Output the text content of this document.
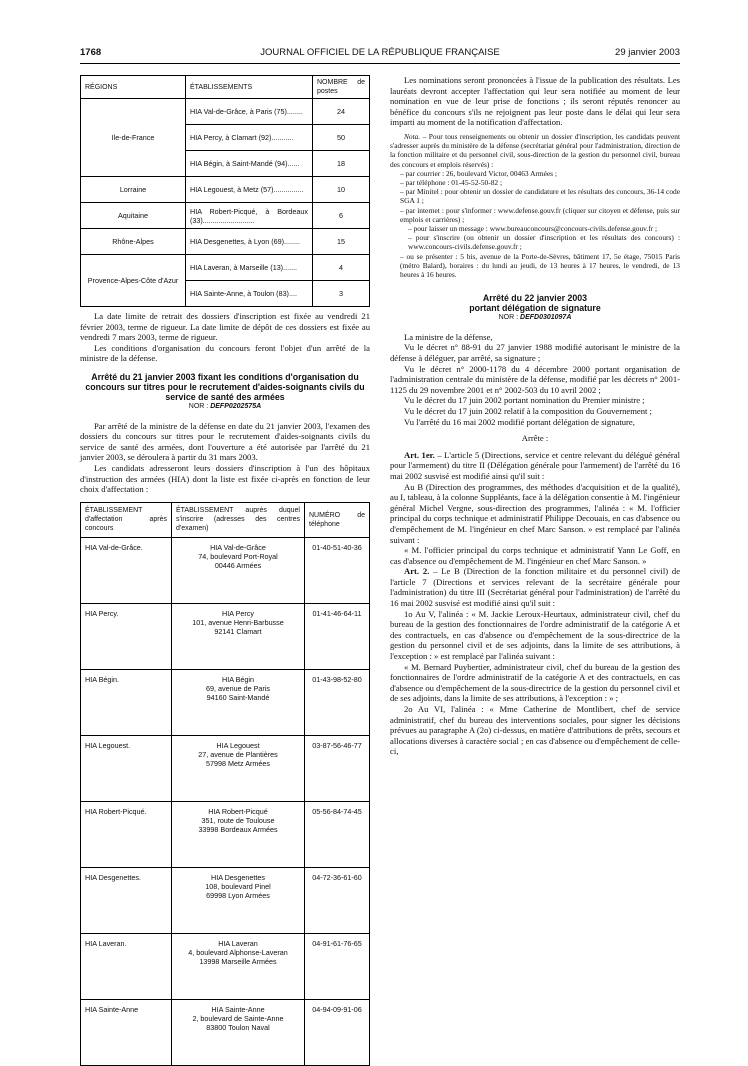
1768	JOURNAL OFFICIEL DE LA RÉPUBLIQUE FRANÇAISE	29 janvier 2003
RÉGIONS	ÉTABLISSEMENTS	NOMBRE de postes
Ile-de-France	HIA Val-de-Grâce, à Paris (75)........	24
	HIA Percy, à Clamart (92)...........	50
	HIA Bégin, à Saint-Mandé (94)......	18
Lorraine	HIA Legouest, à Metz (57)...............	10
Aquitaine	HIA Robert-Picqué, à Bordeaux (33)..........................	6
Rhône-Alpes	HIA Desgenettes, à Lyon (69)........	15
Provence-Alpes-Côte d'Azur	HIA Laveran, à Marseille (13).......	4
	HIA Sainte-Anne, à Toulon (83)....	3

La date limite de retrait des dossiers d'inscription est fixée au vendredi 21 février 2003, terme de rigueur. La date limite de dépôt de ces dossiers est fixée au vendredi 7 mars 2003, terme de rigueur.

Les conditions d'organisation du concours feront l'objet d'un arrêté de la ministre de la défense.

Arrêté du 21 janvier 2003 fixant les conditions d'organisation du concours sur titres pour le recrutement d'aides-soignants civils du service de santé des armées

NOR : DEFP0202575A

Par arrêté de la ministre de la défense en date du 21 janvier 2003, l'examen des dossiers du concours sur titres pour le recrutement d'aides-soignants civils du service de santé des armées, dont l'ouverture a été autorisée par l'arrêté du 21 janvier 2003, se déroulera à partir du 31 mars 2003.

Les candidats adresseront leurs dossiers d'inscription à l'un des hôpitaux d'instruction des armées (HIA) dont la liste est fixée ci-après en fonction de leur choix d'affectation :

ÉTABLISSEMENT d'affectation après concours	ÉTABLISSEMENT auprès duquel s'inscrire (adresses des centres d'examen)	NUMÉRO de téléphone
HIA Val-de-Grâce.	HIA Val-de-Grâce
74, boulevard Port-Royal
00446 Armées	01-40-51-40-36
HIA Percy.	HIA Percy
101, avenue Henri-Barbusse
92141 Clamart	01-41-46-64-11
HIA Bégin.	HIA Bégin
69, avenue de Paris
94160 Saint-Mandé	01-43-98-52-80
HIA Legouest.	HIA Legouest
27, avenue de Plantières
57998 Metz Armées	03-87-56-46-77
HIA Robert-Picqué.	HIA Robert-Picqué
351, route de Toulouse
33998 Bordeaux Armées	05-56-84-74-45
HIA Desgenettes.	HIA Desgenettes
108, boulevard Pinel
69998 Lyon Armées	04-72-36-61-60
HIA Laveran.	HIA Laveran
4, boulevard Alphonse-Laveran
13998 Marseille Armées	04-91-61-76-65
HIA Sainte-Anne	HIA Sainte-Anne
2, boulevard de Sainte-Anne
83800 Toulon Naval	04-94-09-91-06

Les nominations seront prononcées à l'issue de la publication des résultats. Les lauréats devront accepter l'affectation qui leur sera notifiée au moment de leur nomination en vue de leur prise de fonctions ; ils seront réputés renoncer au bénéfice du concours s'ils ne rejoignent pas leur poste dans le délai qui leur sera imparti au moment de la notification d'affectation.

Nota. – Pour tous renseignements ou obtenir un dossier d'inscription, les candidats peuvent s'adresser auprès du ministère de la défense (secrétariat général pour l'administration, direction de la fonction militaire et du personnel civil, sous-direction de la gestion du personnel civil, bureau des concours et emplois réservés) :

– par courrier : 26, boulevard Victor, 00463 Armées ;

– par téléphone : 01-45-52-50-82 ;

– par Minitel : pour obtenir un dossier de candidature et les résultats des concours, 36-14 code SGA 1 ;

– par internet : pour s'informer : www.defense.gouv.fr (cliquer sur citoyen et défense, puis sur emplois et carrières) ;

– pour laisser un message : www.bureauconcours@concours-civils.defense.gouv.fr ;

– pour s'inscrire (ou obtenir un dossier d'inscription et les résultats des concours) : www.concours-civils.defense.gouv.fr ;

– ou se présenter : 5 bis, avenue de la Porte-de-Sèvres, bâtiment 17, 5e étage, 75015 Paris (métro Balard), horaires : du lundi au jeudi, de 13 heures à 17 heures, le vendredi, de 13 heures à 16 heures.

Arrêté du 22 janvier 2003

portant délégation de signature

NOR : DEFD0301097A

La ministre de la défense,

Vu le décret n° 88-91 du 27 janvier 1988 modifié autorisant le ministre de la défense à déléguer, par arrêté, sa signature ;

Vu le décret n° 2000-1178 du 4 décembre 2000 portant organisation de l'administration centrale du ministère de la défense, modifié par les décrets n° 2001-1125 du 29 novembre 2001 et n° 2002-503 du 10 avril 2002 ;

Vu le décret du 17 juin 2002 portant nomination du Premier ministre ;

Vu le décret du 17 juin 2002 relatif à la composition du Gouvernement ;

Vu l'arrêté du 16 mai 2002 modifié portant délégation de signature,

Arrête :

Art. 1er. – L'article 5 (Directions, service et centre relevant du délégué général pour l'armement) du titre II (Délégation générale pour l'armement) de l'arrêté du 16 mai 2002 susvisé est modifié ainsi qu'il suit :

Au B (Direction des programmes, des méthodes d'acquisition et de la qualité), au I, tableau, à la colonne Suppléants, face à la délégation consentie à M. l'ingénieur général Michel Vergne, sous-direction des programmes, l'alinéa : « M. l'officier principal du corps technique et administratif Philippe Decouais, en cas d'absence ou d'empêchement de M. l'ingénieur en chef Marc Sanson. » est remplacé par l'alinéa suivant :

« M. l'officier principal du corps technique et administratif Yann Le Goff, en cas d'absence ou d'empêchement de M. l'ingénieur en chef Marc Sanson. »

Art. 2. – Le B (Direction de la fonction militaire et du personnel civil) de l'article 7 (Directions et services relevant de la secrétaire générale pour l'administration) du titre III (Secrétariat général pour l'administration) de l'arrêté du 16 mai 2002 susvisé est modifié ainsi qu'il suit :

1o Au V, l'alinéa : « M. Jackie Leroux-Heurtaux, administrateur civil, chef du bureau de la gestion des fonctionnaires de l'ordre administratif de la catégorie A et des contractuels, en cas d'absence ou d'empêchement de la sous-directrice de la gestion du personnel civil et de ses adjoints, dans la limite de ses attributions, à l'exception : » est remplacé par l'alinéa suivant :

« M. Bernard Puybertier, administrateur civil, chef du bureau de la gestion des fonctionnaires de l'ordre administratif de la catégorie A et des contractuels, en cas d'absence ou d'empêchement de la sous-directrice de la gestion du personnel civil et de ses adjoints, dans la limite de ses attributions, à l'exception : » ;

2o Au VI, l'alinéa : « Mme Catherine de Montlibert, chef de service administratif, chef du bureau des interventions sociales, pour signer les décisions prévues au paragraphe A (2o) ci-dessus, en matière d'attributions de prêts, secours et allocations diverses à caractère social ; en cas d'absence ou d'empêchement de celle-ci,
